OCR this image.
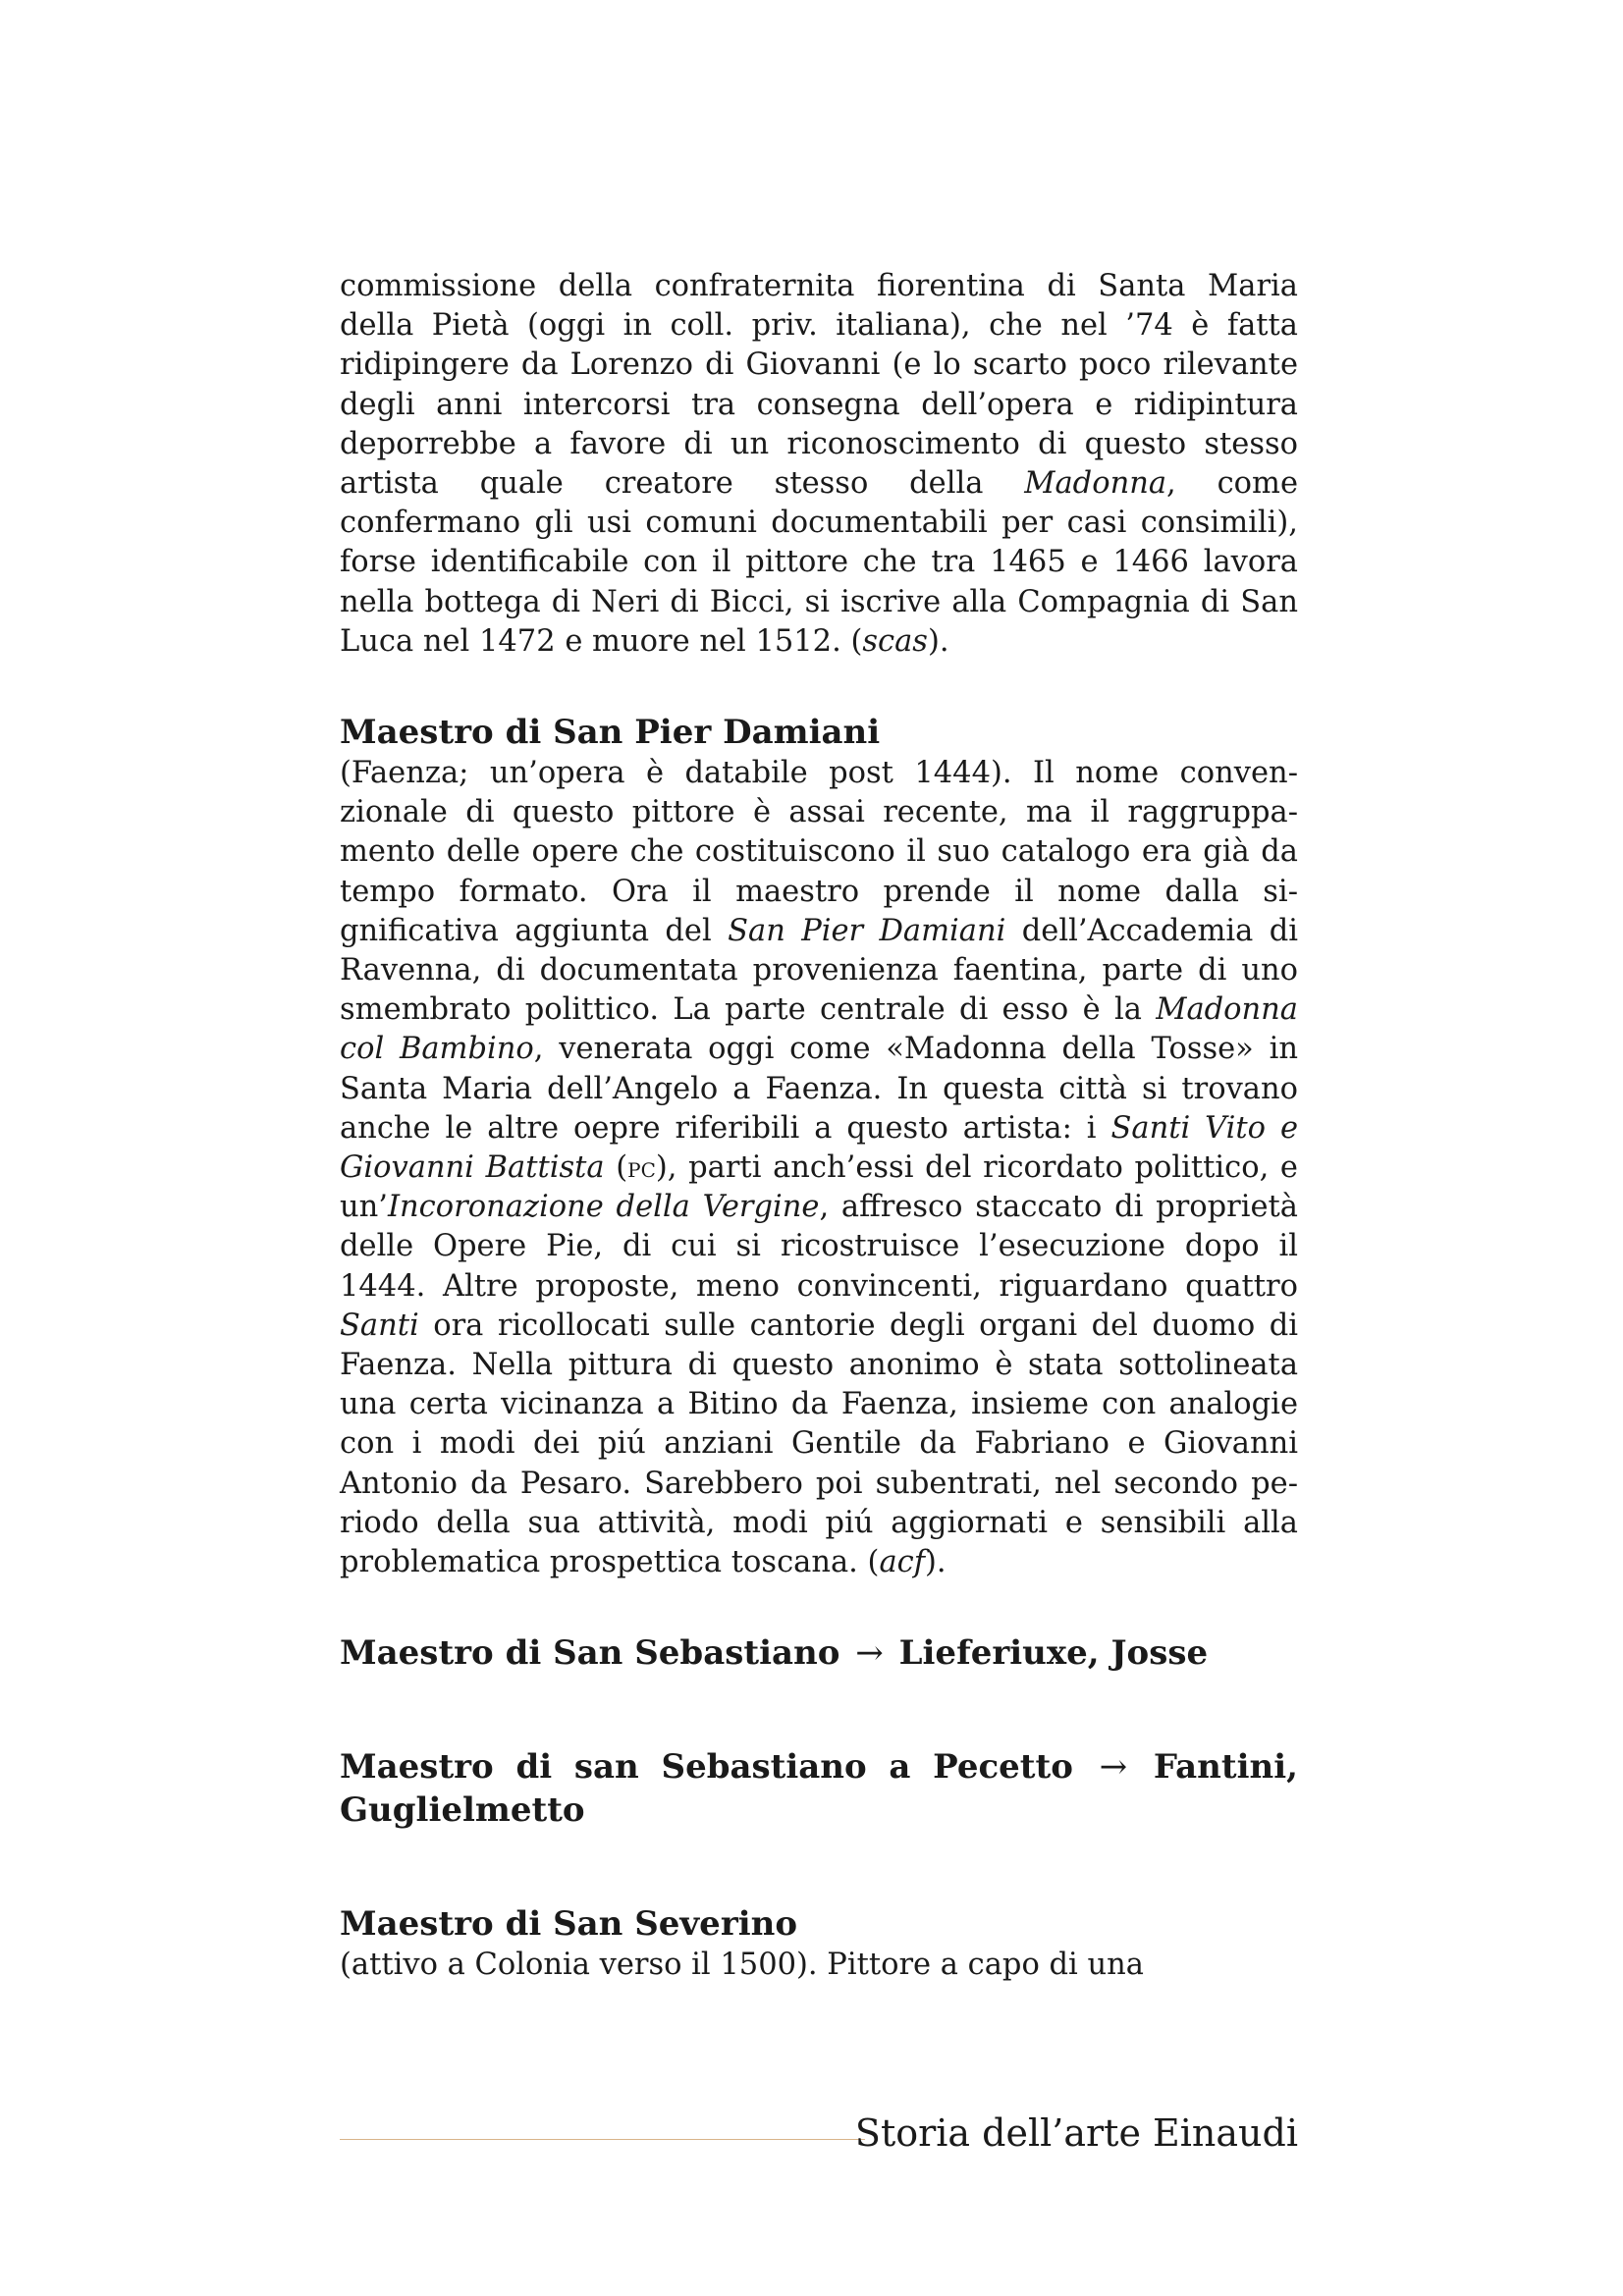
commissione della confraternita fiorentina di Santa Maria della Pietà (oggi in coll. priv. italiana), che nel ’74 è fatta ridipingere da Lorenzo di Giovanni (e lo scarto poco rilevante degli anni intercorsi tra consegna dell’opera e ridipintura deporrebbe a favore di un riconoscimento di questo stesso artista quale creatore stesso della Madonna, come confermano gli usi comuni documentabili per casi consimili), forse identificabile con il pittore che tra 1465 e 1466 lavora nella bottega di Neri di Bicci, si iscrive alla Compagnia di San Luca nel 1472 e muore nel 1512. (scas).

Maestro di San Pier Damiani

(Faenza; un’opera è databile post 1444). Il nome convenzionale di questo pittore è assai recente, ma il raggruppamento delle opere che costituiscono il suo catalogo era già da tempo formato. Ora il maestro prende il nome dalla significativa aggiunta del San Pier Damiani dell’Accademia di Ravenna, di documentata provenienza faentina, parte di uno smembrato polittico. La parte centrale di esso è la Madonna col Bambino, venerata oggi come «Madonna della Tosse» in Santa Maria dell’Angelo a Faenza. In questa città si trovano anche le altre oepre riferibili a questo artista: i Santi Vito e Giovanni Battista (pc), parti anch’essi del ricordato polittico, e un’Incoronazione della Vergine, affresco staccato di proprietà delle Opere Pie, di cui si ricostruisce l’esecuzione dopo il 1444. Altre proposte, meno convincenti, riguardano quattro Santi ora ricollocati sulle cantorie degli organi del duomo di Faenza. Nella pittura di questo anonimo è stata sottolineata una certa vicinanza a Bitino da Faenza, insieme con analogie con i modi dei piú anziani Gentile da Fabriano e Giovanni Antonio da Pesaro. Sarebbero poi subentrati, nel secondo periodo della sua attività, modi piú aggiornati e sensibili alla problematica prospettica toscana. (acf).

Maestro di San Sebastiano → Lieferiuxe, Josse

Maestro di san Sebastiano a Pecetto → Fantini, Guglielmetto

Maestro di San Severino

(attivo a Colonia verso il 1500). Pittore a capo di una

Storia dell’arte Einaudi
